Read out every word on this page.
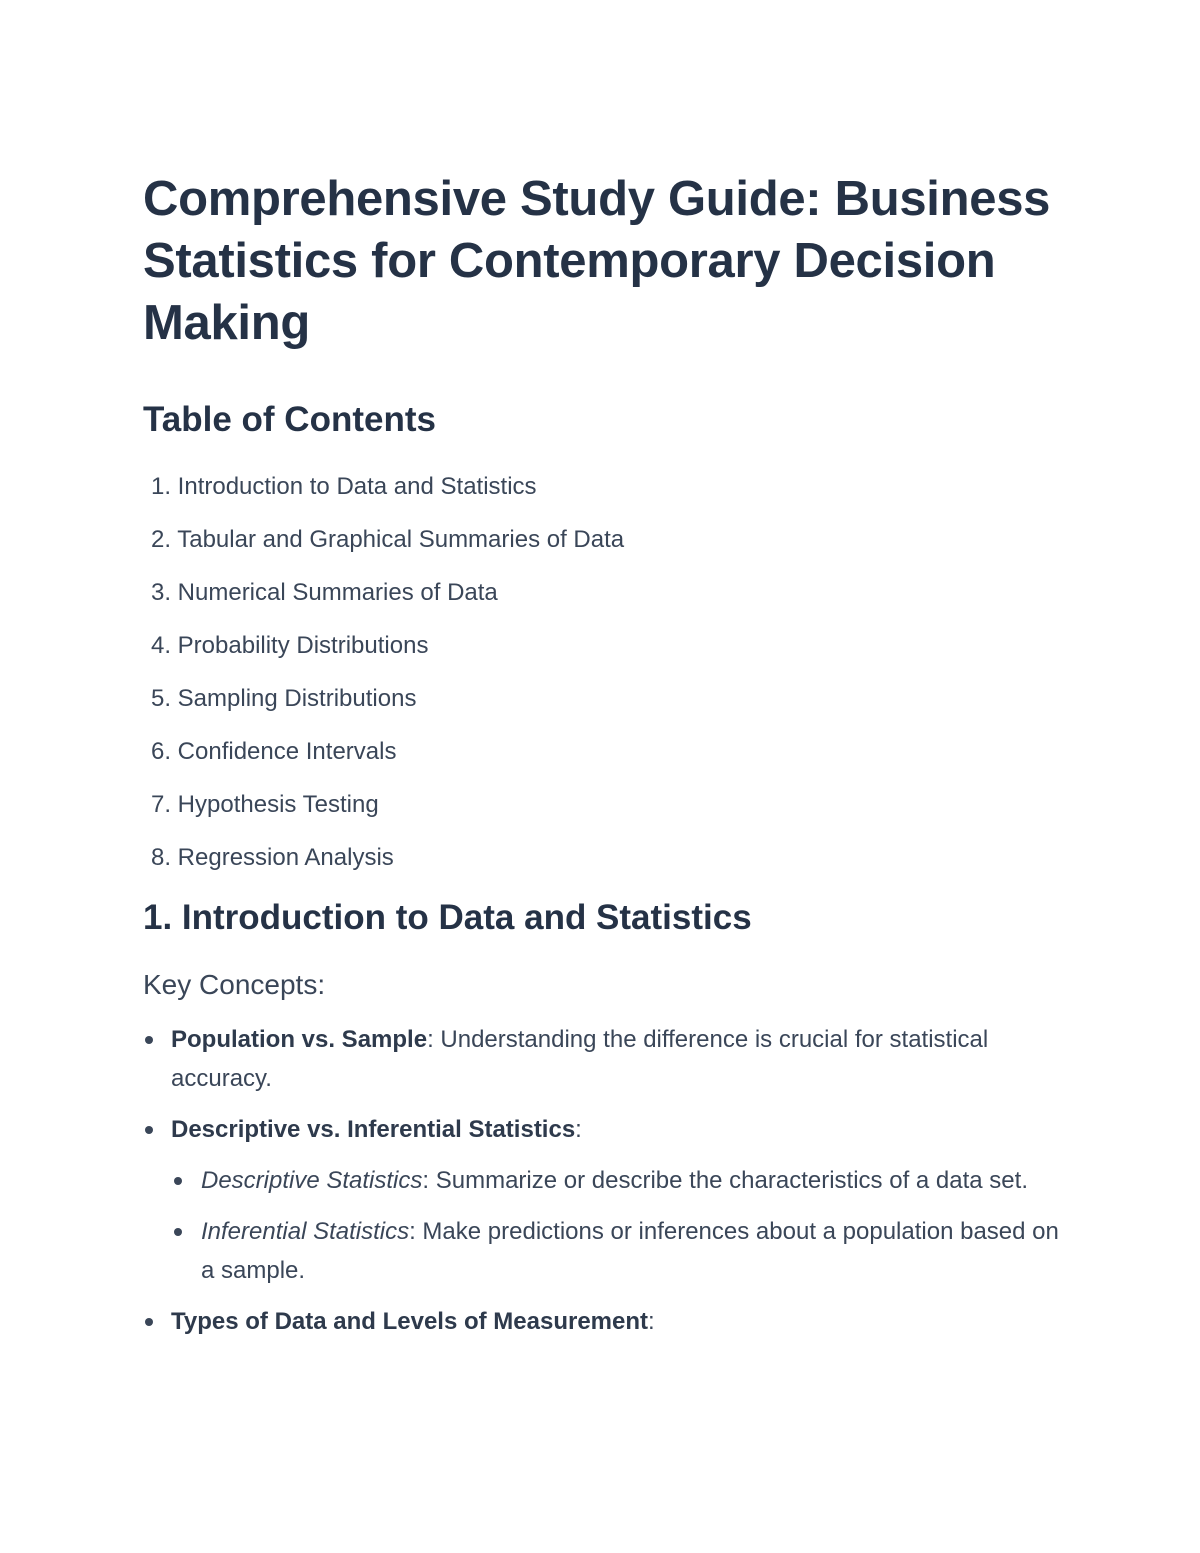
Comprehensive Study Guide: Business Statistics for Contemporary Decision Making
Table of Contents
1. Introduction to Data and Statistics
2. Tabular and Graphical Summaries of Data
3. Numerical Summaries of Data
4. Probability Distributions
5. Sampling Distributions
6. Confidence Intervals
7. Hypothesis Testing
8. Regression Analysis
1. Introduction to Data and Statistics
Key Concepts:
Population vs. Sample: Understanding the difference is crucial for statistical accuracy.
Descriptive vs. Inferential Statistics:
Descriptive Statistics: Summarize or describe the characteristics of a data set.
Inferential Statistics: Make predictions or inferences about a population based on a sample.
Types of Data and Levels of Measurement:
